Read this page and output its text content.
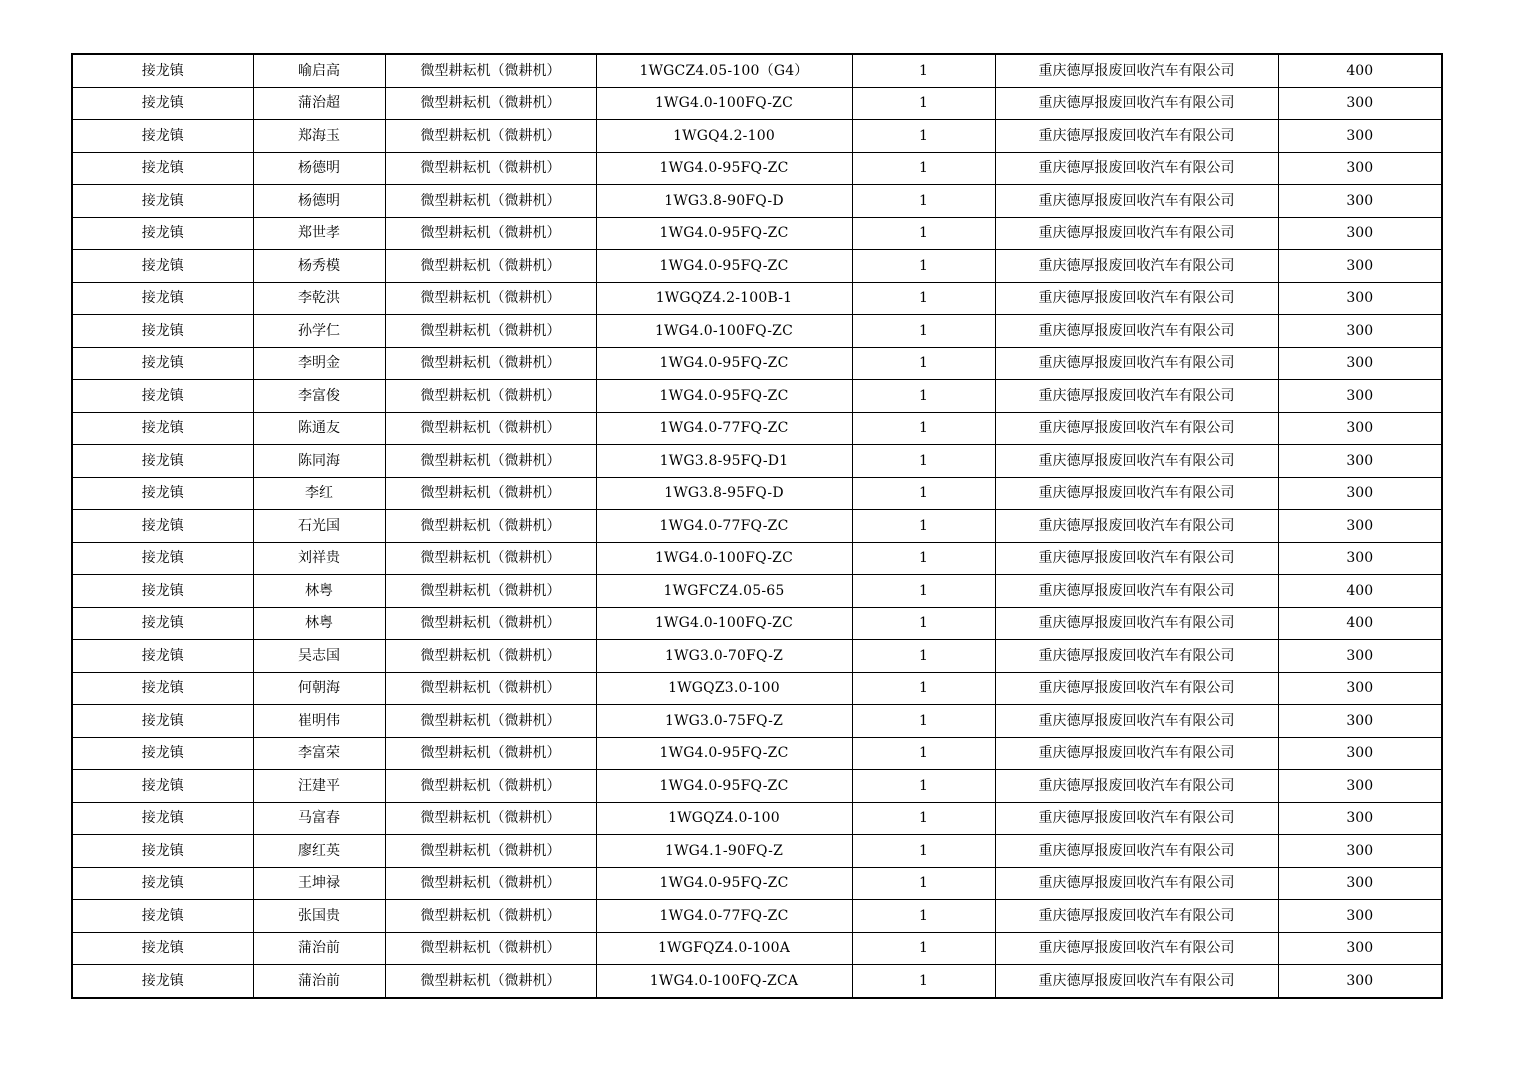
接龙镇	喻启高	微型耕耘机（微耕机）	1WGCZ4.05-100（G4）	1	重庆德厚报废回收汽车有限公司	400
接龙镇	蒲治超	微型耕耘机（微耕机）	1WG4.0-100FQ-ZC	1	重庆德厚报废回收汽车有限公司	300
接龙镇	郑海玉	微型耕耘机（微耕机）	1WGQ4.2-100	1	重庆德厚报废回收汽车有限公司	300
接龙镇	杨德明	微型耕耘机（微耕机）	1WG4.0-95FQ-ZC	1	重庆德厚报废回收汽车有限公司	300
接龙镇	杨德明	微型耕耘机（微耕机）	1WG3.8-90FQ-D	1	重庆德厚报废回收汽车有限公司	300
接龙镇	郑世孝	微型耕耘机（微耕机）	1WG4.0-95FQ-ZC	1	重庆德厚报废回收汽车有限公司	300
接龙镇	杨秀模	微型耕耘机（微耕机）	1WG4.0-95FQ-ZC	1	重庆德厚报废回收汽车有限公司	300
接龙镇	李乾洪	微型耕耘机（微耕机）	1WGQZ4.2-100B-1	1	重庆德厚报废回收汽车有限公司	300
接龙镇	孙学仁	微型耕耘机（微耕机）	1WG4.0-100FQ-ZC	1	重庆德厚报废回收汽车有限公司	300
接龙镇	李明金	微型耕耘机（微耕机）	1WG4.0-95FQ-ZC	1	重庆德厚报废回收汽车有限公司	300
接龙镇	李富俊	微型耕耘机（微耕机）	1WG4.0-95FQ-ZC	1	重庆德厚报废回收汽车有限公司	300
接龙镇	陈通友	微型耕耘机（微耕机）	1WG4.0-77FQ-ZC	1	重庆德厚报废回收汽车有限公司	300
接龙镇	陈同海	微型耕耘机（微耕机）	1WG3.8-95FQ-D1	1	重庆德厚报废回收汽车有限公司	300
接龙镇	李红	微型耕耘机（微耕机）	1WG3.8-95FQ-D	1	重庆德厚报废回收汽车有限公司	300
接龙镇	石光国	微型耕耘机（微耕机）	1WG4.0-77FQ-ZC	1	重庆德厚报废回收汽车有限公司	300
接龙镇	刘祥贵	微型耕耘机（微耕机）	1WG4.0-100FQ-ZC	1	重庆德厚报废回收汽车有限公司	300
接龙镇	林粤	微型耕耘机（微耕机）	1WGFCZ4.05-65	1	重庆德厚报废回收汽车有限公司	400
接龙镇	林粤	微型耕耘机（微耕机）	1WG4.0-100FQ-ZC	1	重庆德厚报废回收汽车有限公司	400
接龙镇	吴志国	微型耕耘机（微耕机）	1WG3.0-70FQ-Z	1	重庆德厚报废回收汽车有限公司	300
接龙镇	何朝海	微型耕耘机（微耕机）	1WGQZ3.0-100	1	重庆德厚报废回收汽车有限公司	300
接龙镇	崔明伟	微型耕耘机（微耕机）	1WG3.0-75FQ-Z	1	重庆德厚报废回收汽车有限公司	300
接龙镇	李富荣	微型耕耘机（微耕机）	1WG4.0-95FQ-ZC	1	重庆德厚报废回收汽车有限公司	300
接龙镇	汪建平	微型耕耘机（微耕机）	1WG4.0-95FQ-ZC	1	重庆德厚报废回收汽车有限公司	300
接龙镇	马富春	微型耕耘机（微耕机）	1WGQZ4.0-100	1	重庆德厚报废回收汽车有限公司	300
接龙镇	廖红英	微型耕耘机（微耕机）	1WG4.1-90FQ-Z	1	重庆德厚报废回收汽车有限公司	300
接龙镇	王坤禄	微型耕耘机（微耕机）	1WG4.0-95FQ-ZC	1	重庆德厚报废回收汽车有限公司	300
接龙镇	张国贵	微型耕耘机（微耕机）	1WG4.0-77FQ-ZC	1	重庆德厚报废回收汽车有限公司	300
接龙镇	蒲治前	微型耕耘机（微耕机）	1WGFQZ4.0-100A	1	重庆德厚报废回收汽车有限公司	300
接龙镇	蒲治前	微型耕耘机（微耕机）	1WG4.0-100FQ-ZCA	1	重庆德厚报废回收汽车有限公司	300
